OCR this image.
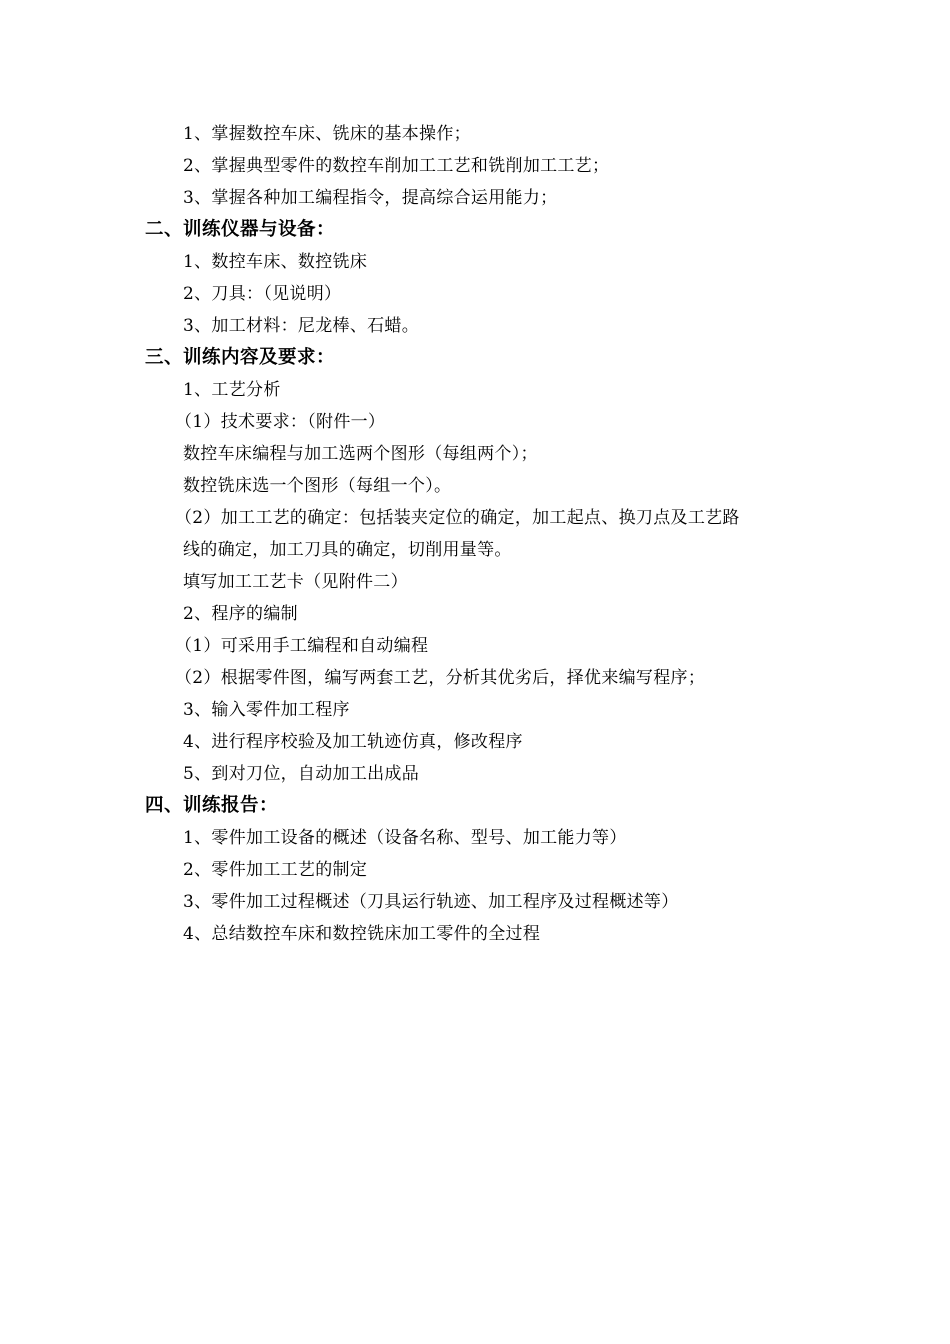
1、掌握数控车床、铣床的基本操作；
2、掌握典型零件的数控车削加工工艺和铣削加工工艺；
3、掌握各种加工编程指令，提高综合运用能力；
二、训练仪器与设备：
1、数控车床、数控铣床
2、刀具：（见说明）
3、加工材料：尼龙棒、石蜡。
三、训练内容及要求：
1、工艺分析
（1）技术要求：（附件一）
数控车床编程与加工选两个图形（每组两个）；
数控铣床选一个图形（每组一个）。
（2）加工工艺的确定：包括装夹定位的确定，加工起点、换刀点及工艺路
线的确定，加工刀具的确定，切削用量等。
填写加工工艺卡（见附件二）
2、程序的编制
（1）可采用手工编程和自动编程
（2）根据零件图，编写两套工艺，分析其优劣后，择优来编写程序；
3、输入零件加工程序
4、进行程序校验及加工轨迹仿真，修改程序
5、到对刀位，自动加工出成品
四、训练报告：
1、零件加工设备的概述（设备名称、型号、加工能力等）
2、零件加工工艺的制定
3、零件加工过程概述（刀具运行轨迹、加工程序及过程概述等）
4、总结数控车床和数控铣床加工零件的全过程
